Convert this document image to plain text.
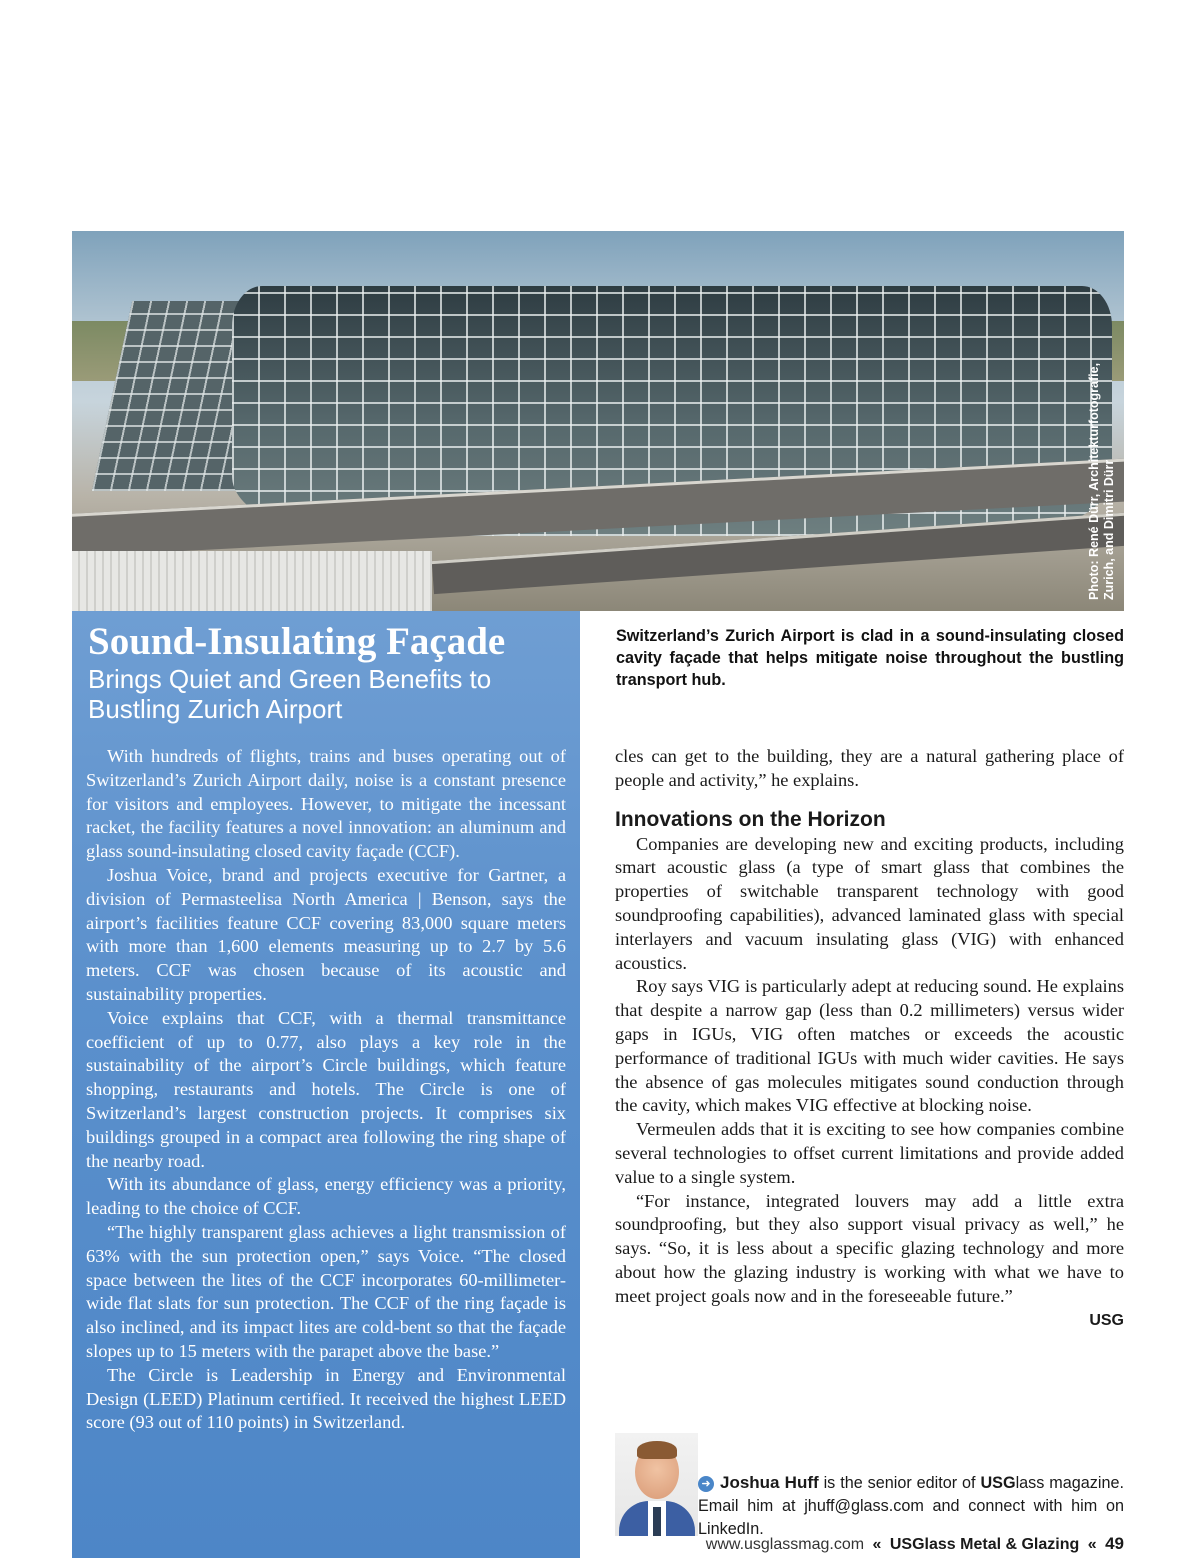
Photo: René Dürr, Architekturfotografie, Zurich, and Dimitri Dürr
Sound-Insulating Façade
Brings Quiet and Green Benefits to Bustling Zurich Airport

With hundreds of flights, trains and buses operating out of Switzerland’s Zurich Airport daily, noise is a constant presence for visitors and employees. However, to mitigate the incessant racket, the facility features a novel innovation: an aluminum and glass sound-insulating closed cavity façade (CCF).

Joshua Voice, brand and projects executive for Gartner, a division of Permasteelisa North America | Benson, says the airport’s facilities feature CCF covering 83,000 square meters with more than 1,600 elements measuring up to 2.7 by 5.6 meters. CCF was chosen because of its acoustic and sustainability properties.

Voice explains that CCF, with a thermal transmittance coefficient of up to 0.77, also plays a key role in the sustainability of the airport’s Circle buildings, which feature shopping, restaurants and hotels. The Circle is one of Switzerland’s largest construction projects. It comprises six buildings grouped in a compact area following the ring shape of the nearby road.

With its abundance of glass, energy efficiency was a priority, leading to the choice of CCF.

“The highly transparent glass achieves a light transmission of 63% with the sun protection open,” says Voice. “The closed space between the lites of the CCF incorporates 60-millimeter-wide flat slats for sun protection. The CCF of the ring façade is also inclined, and its impact lites are cold-bent so that the façade slopes up to 15 meters with the parapet above the base.”

The Circle is Leadership in Energy and Environmental Design (LEED) Platinum certified. It received the highest LEED score (93 out of 110 points) in Switzerland.

Switzerland’s Zurich Airport is clad in a sound-insulating closed cavity façade that helps mitigate noise throughout the bustling transport hub.

cles can get to the building, they are a natural gathering place of people and activity,” he explains.

Innovations on the Horizon

Companies are developing new and exciting products, including smart acoustic glass (a type of smart glass that combines the properties of switchable transparent technology with good soundproofing capabilities), advanced laminated glass with special interlayers and vacuum insulating glass (VIG) with enhanced acoustics.

Roy says VIG is particularly adept at reducing sound. He explains that despite a narrow gap (less than 0.2 millimeters) versus wider gaps in IGUs, VIG often matches or exceeds the acoustic performance of traditional IGUs with much wider cavities. He says the absence of gas molecules mitigates sound conduction through the cavity, which makes VIG effective at blocking noise.

Vermeulen adds that it is exciting to see how companies combine several technologies to offset current limitations and provide added value to a single system.

“For instance, integrated louvers may add a little extra soundproofing, but they also support visual privacy as well,” he says. “So, it is less about a specific glazing technology and more about how the glazing industry is working with what we have to meet project goals now and in the foreseeable future.”

USG
➜ Joshua Huff is the senior editor of USGlass magazine. Email him at jhuff@glass.com and connect with him on LinkedIn.
www.usglassmag.com « USGlass Metal & Glazing « 49
